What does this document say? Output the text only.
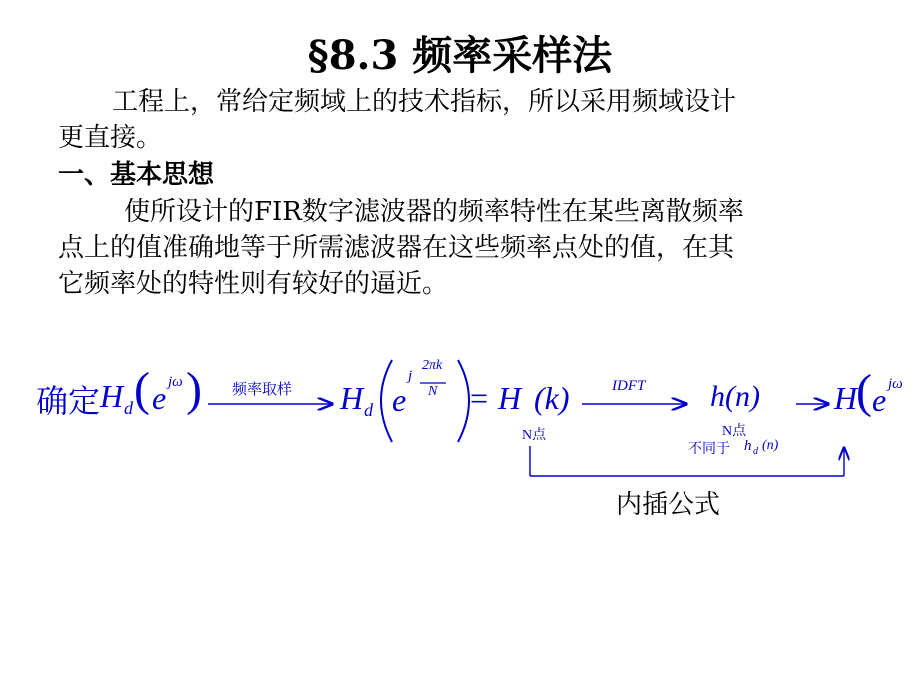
§8.3 频率采样法
工程上，常给定频域上的技术指标，所以采用频域设计
更直接。
一、基本思想
使所设计的FIR数字滤波器的频率特性在某些离散频率
点上的值准确地等于所需滤波器在这些频率点处的值，在其
它频率处的特性则有较好的逼近。
确定 H d ( e jω ) 频率取样 H d e
j
2πk
N = H (k)
N点
IDFT h(n)
N点
不同于 h d (n)
H
( e jω
内插公式
